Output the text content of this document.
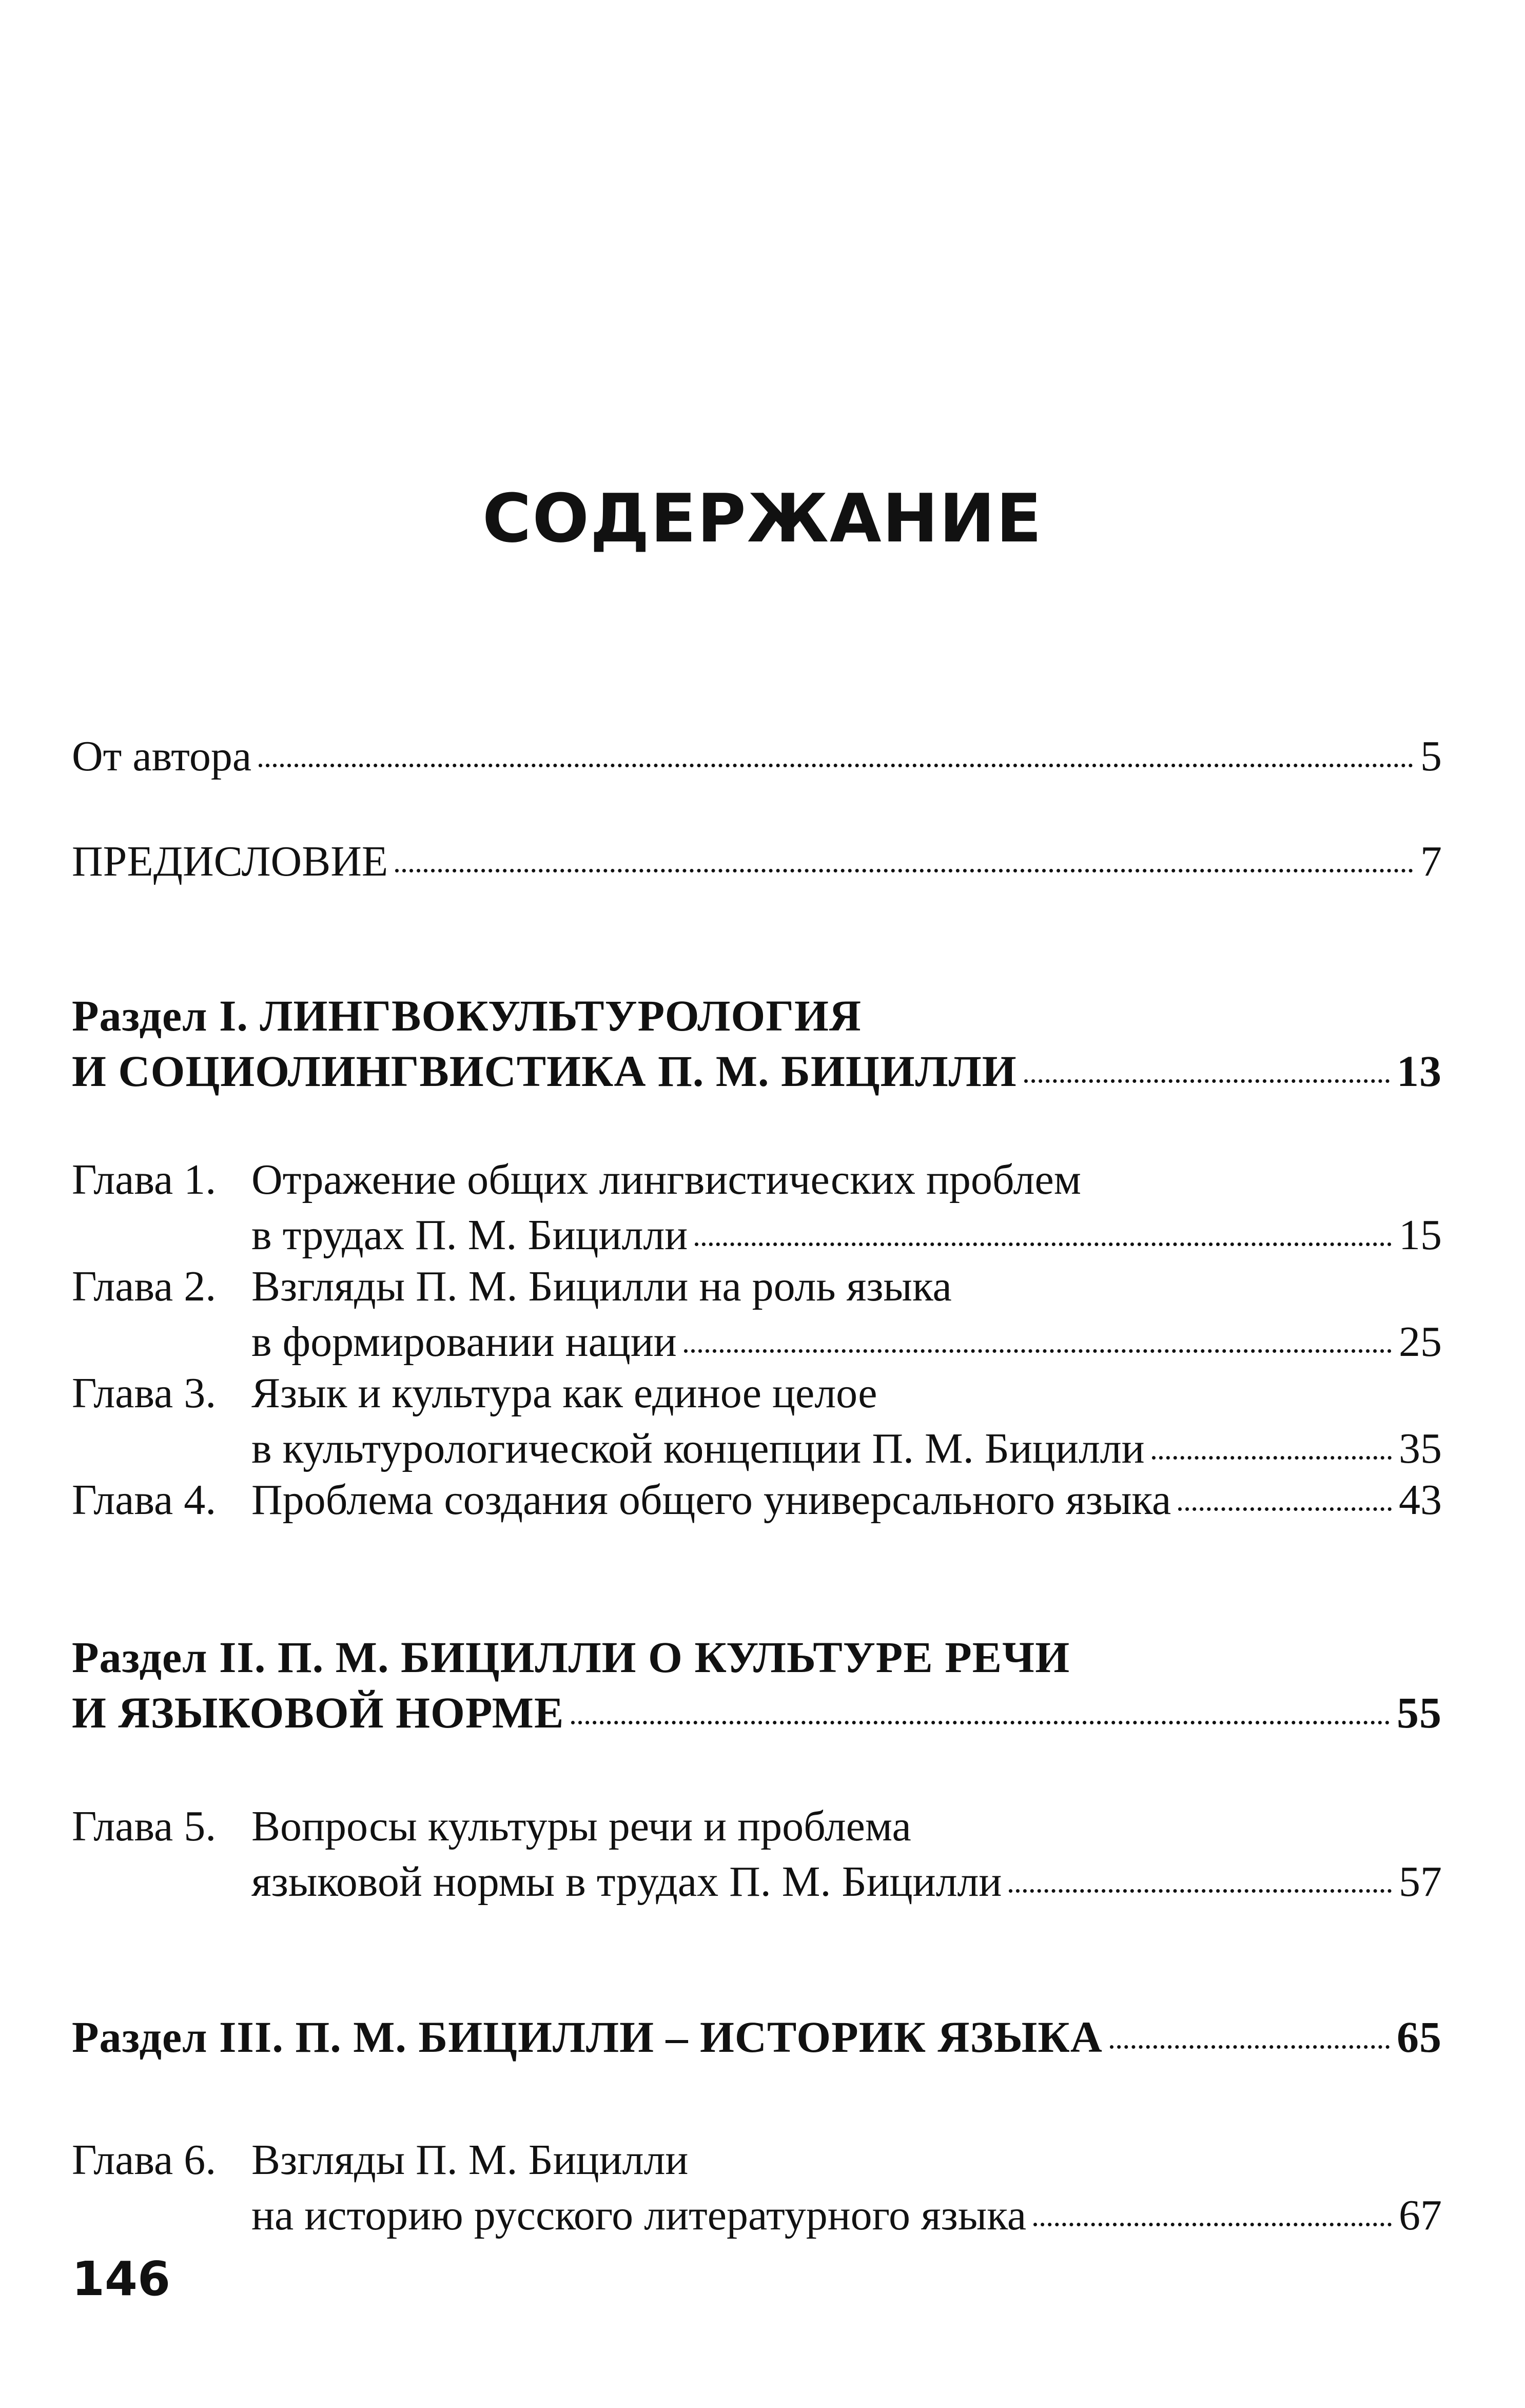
СОДЕРЖАНИЕ
От автора	5
ПРЕДИСЛОВИЕ	7
Раздел I. ЛИНГВОКУЛЬТУРОЛОГИЯ
И СОЦИОЛИНГВИСТИКА П. М. БИЦИЛЛИ	13
Глава 1. Отражение общих лингвистических проблем
в трудах П. М. Бицилли	15
Глава 2. Взгляды П. М. Бицилли на роль языка
в формировании нации	25
Глава 3. Язык и культура как единое целое
в культурологической концепции П. М. Бицилли	35
Глава 4. Проблема создания общего универсального языка	43
Раздел II. П. М. БИЦИЛЛИ О КУЛЬТУРЕ РЕЧИ
И ЯЗЫКОВОЙ НОРМЕ	55
Глава 5. Вопросы культуры речи и проблема
языковой нормы в трудах П. М. Бицилли	57
Раздел III. П. М. БИЦИЛЛИ – ИСТОРИК ЯЗЫКА	65
Глава 6. Взгляды П. М. Бицилли
на историю русского литературного языка	67
146
